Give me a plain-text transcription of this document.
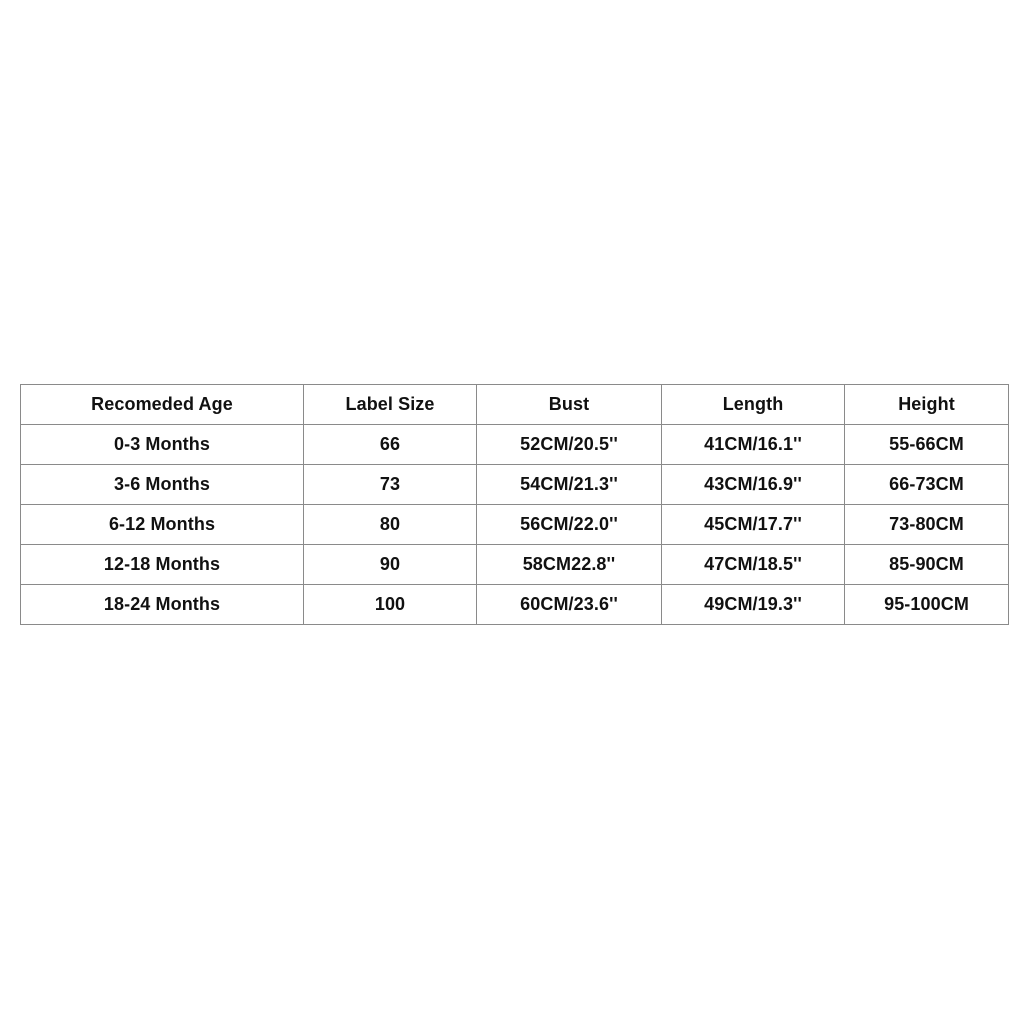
Recomeded Age	Label Size	Bust	Length	Height
0-3 Months	66	52CM/20.5''	41CM/16.1''	55-66CM
3-6 Months	73	54CM/21.3''	43CM/16.9''	66-73CM
6-12 Months	80	56CM/22.0''	45CM/17.7''	73-80CM
12-18 Months	90	58CM22.8''	47CM/18.5''	85-90CM
18-24 Months	100	60CM/23.6''	49CM/19.3''	95-100CM
